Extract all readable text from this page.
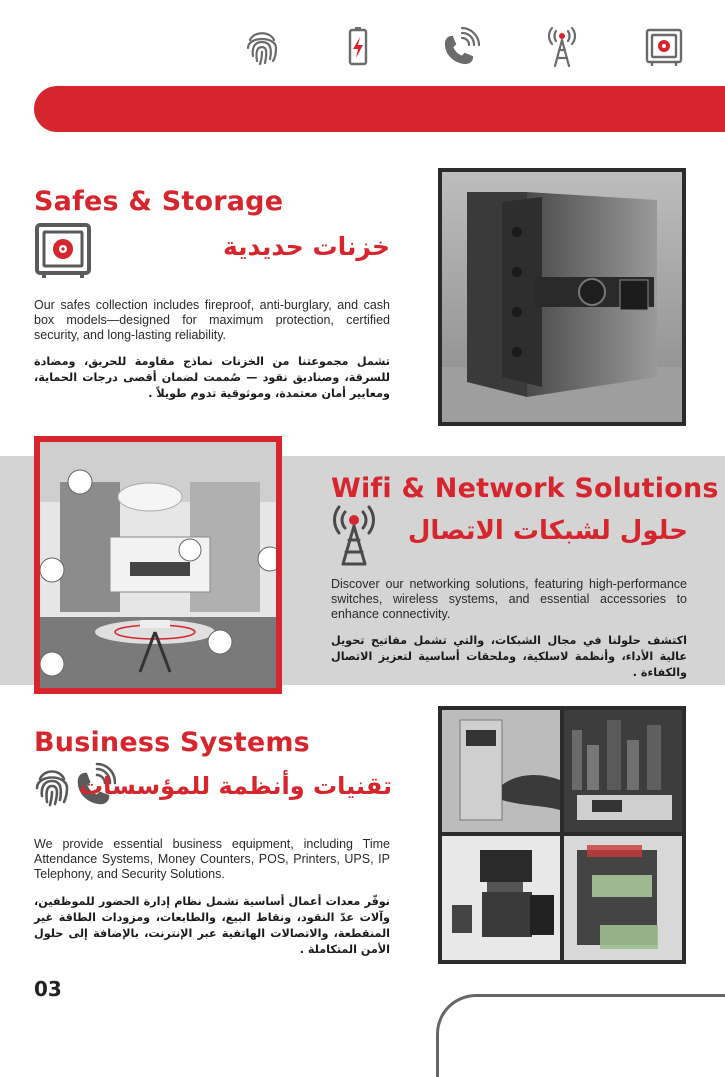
Safes & Storage
خزنات حديدية
Our safes collection includes fireproof, anti-burglary, and cash box models—designed for maximum protection, certified security, and long-lasting reliability.
تشمل مجموعتنا من الخزنات نماذج مقاومة للحريق، ومضادة للسرقة، وصناديق نقود — صُممت لضمان أقصى درجات الحماية، ومعايير أمان معتمدة، وموثوقية تدوم طويلاً .
Wifi & Network Solutions
حلول لشبكات الاتصال
Discover our networking solutions, featuring high-performance switches, wireless systems, and essential accessories to enhance connectivity.
اكتشف حلولنا في مجال الشبكات، والتي تشمل مفاتيح تحويل عالية الأداء، وأنظمة لاسلكية، وملحقات أساسية لتعزيز الاتصال والكفاءة .
Business Systems
تقنيات وأنظمة للمؤسسات
We provide essential business equipment, including Time Attendance Systems, Money Counters, POS, Printers, UPS, IP Telephony, and Security Solutions.
نوفّر معدات أعمال أساسية تشمل نظام إدارة الحضور للموظفين، وآلات عدّ النقود، ونقاط البيع، والطابعات، ومزودات الطاقة غير المنقطعة، والاتصالات الهاتفية عبر الإنترنت، بالإضافة إلى حلول الأمن المتكاملة .
03
